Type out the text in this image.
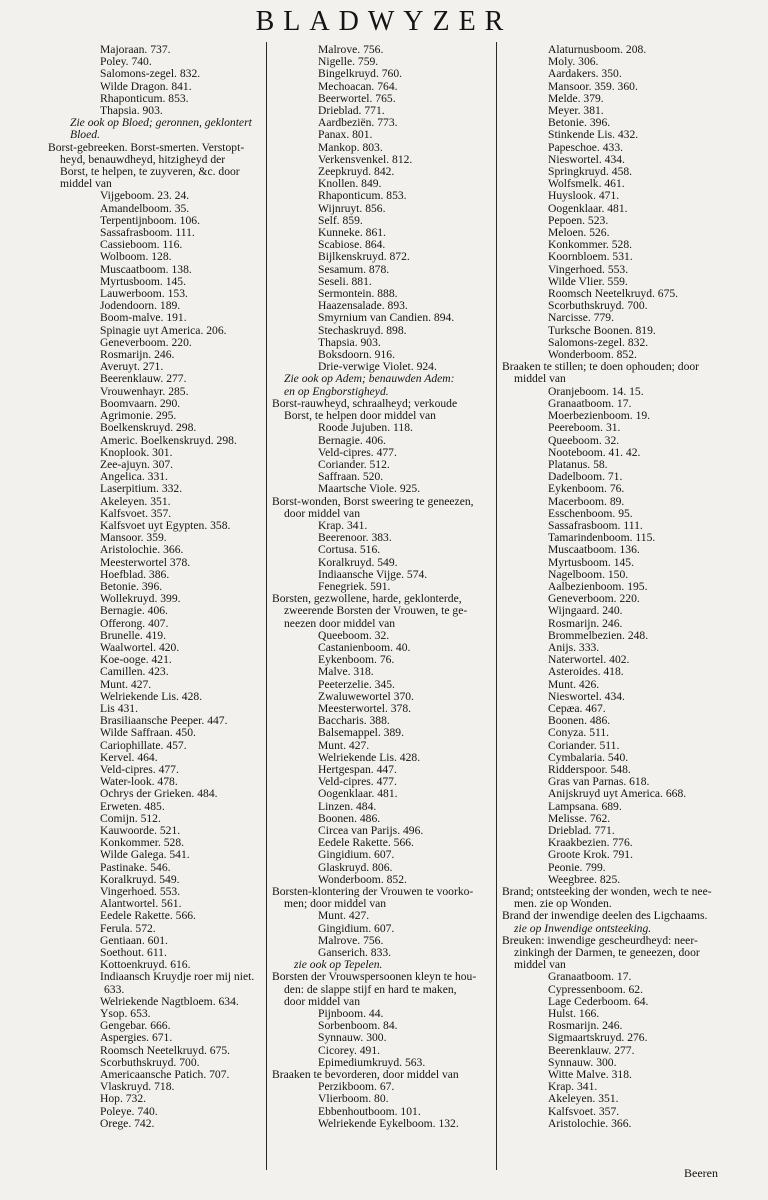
BLADWYZER
Majoraan. 737.
Poley. 740.
Salomons-zegel. 832.
Wilde Dragon. 841.
Rhaponticum. 853.
Thapsia. 903.
Zie ook op Bloed; geronnen, geklontert
Bloed.
Borst-gebreeken. Borst-smerten. Verstopt-
heyd, benauwdheyd, hitzigheyd der
Borst, te helpen, te zuyveren, &c. door
middel van
Vijgeboom. 23. 24.
Amandelboom. 35.
Terpentijnboom. 106.
Sassafrasboom. 111.
Cassieboom. 116.
Wolboom. 128.
Muscaatboom. 138.
Myrtusboom. 145.
Lauwerboom. 153.
Jodendoorn. 189.
Boom-malve. 191.
Spinagie uyt America. 206.
Geneverboom. 220.
Rosmarijn. 246.
Averuyt. 271.
Beerenklauw. 277.
Vrouwenhayr. 285.
Boomvaarn. 290.
Agrimonie. 295.
Boelkenskruyd. 298.
Americ. Boelkenskruyd. 298.
Knoplook. 301.
Zee-ajuyn. 307.
Angelica. 331.
Laserpitium. 332.
Akeleyen. 351.
Kalfsvoet. 357.
Kalfsvoet uyt Egypten. 358.
Mansoor. 359.
Aristolochie. 366.
Meesterwortel 378.
Hoefblad. 386.
Betonie. 396.
Wollekruyd. 399.
Bernagie. 406.
Offerong. 407.
Brunelle. 419.
Waalwortel. 420.
Koe-ooge. 421.
Camillen. 423.
Munt. 427.
Welriekende Lis. 428.
Lis 431.
Brasiliaansche Peeper. 447.
Wilde Saffraan. 450.
Cariophillate. 457.
Kervel. 464.
Veld-cipres. 477.
Water-look. 478.
Ochrys der Grieken. 484.
Erweten. 485.
Comijn. 512.
Kauwoorde. 521.
Konkommer. 528.
Wilde Galega. 541.
Pastinake. 546.
Koralkruyd. 549.
Vingerhoed. 553.
Alantwortel. 561.
Eedele Rakette. 566.
Ferula. 572.
Gentiaan. 601.
Soethout. 611.
Kottoenkruyd. 616.
Indiaansch Kruydje roer mij niet.
633.
Welriekende Nagtbloem. 634.
Ysop. 653.
Gengebar. 666.
Aspergies. 671.
Roomsch Neetelkruyd. 675.
Scorbuthskruyd. 700.
Americaansche Patich. 707.
Vlaskruyd. 718.
Hop. 732.
Poleye. 740.
Orege. 742.
Malrove. 756.
Nigelle. 759.
Bingelkruyd. 760.
Mechoacan. 764.
Beerwortel. 765.
Drieblad. 771.
Aardbeziën. 773.
Panax. 801.
Mankop. 803.
Verkensvenkel. 812.
Zeepkruyd. 842.
Knollen. 849.
Rhaponticum. 853.
Wijnruyt. 856.
Self. 859.
Kunneke. 861.
Scabiose. 864.
Bijlkenskruyd. 872.
Sesamum. 878.
Seseli. 881.
Sermontein. 888.
Haazensalade. 893.
Smyrnium van Candien. 894.
Stechaskruyd. 898.
Thapsia. 903.
Boksdoorn. 916.
Drie-verwige Violet. 924.
Zie ook op Adem; benauwden Adem:
en op Engborstigheyd.
Borst-rauwheyd, schraalheyd; verkoude
Borst, te helpen door middel van
Roode Jujuben. 118.
Bernagie. 406.
Veld-cipres. 477.
Coriander. 512.
Saffraan. 520.
Maartsche Viole. 925.
Borst-wonden, Borst sweering te geneezen,
door middel van
Krap. 341.
Beerenoor. 383.
Cortusa. 516.
Koralkruyd. 549.
Indiaansche Vijge. 574.
Fenegriek. 591.
Borsten, gezwollene, harde, geklonterde,
zweerende Borsten der Vrouwen, te ge-
neezen door middel van
Queeboom. 32.
Castanienboom. 40.
Eykenboom. 76.
Malve. 318.
Peeterzelie. 345.
Zwaluwewortel 370.
Meesterwortel. 378.
Baccharis. 388.
Balsemappel. 389.
Munt. 427.
Welriekende Lis. 428.
Hertgespan. 447.
Veld-cipres. 477.
Oogenklaar. 481.
Linzen. 484.
Boonen. 486.
Circea van Parijs. 496.
Eedele Rakette. 566.
Gingidium. 607.
Glaskruyd. 806.
Wonderboom. 852.
Borsten-klontering der Vrouwen te voorko-
men; door middel van
Munt. 427.
Gingidium. 607.
Malrove. 756.
Ganserich. 833.
zie ook op Tepelen.
Borsten der Vrouwspersoonen kleyn te hou-
den: de slappe stijf en hard te maken,
door middel van
Pijnboom. 44.
Sorbenboom. 84.
Synnauw. 300.
Cicorey. 491.
Epimediumkruyd. 563.
Braaken te bevorderen, door middel van
Perzikboom. 67.
Vlierboom. 80.
Ebbenhoutboom. 101.
Welriekende Eykelboom. 132.
Alaturnusboom. 208.
Moly. 306.
Aardakers. 350.
Mansoor. 359. 360.
Melde. 379.
Meyer. 381.
Betonie. 396.
Stinkende Lis. 432.
Papeschoe. 433.
Nieswortel. 434.
Springkruyd. 458.
Wolfsmelk. 461.
Huyslook. 471.
Oogenklaar. 481.
Pepoen. 523.
Meloen. 526.
Konkommer. 528.
Koornbloem. 531.
Vingerhoed. 553.
Wilde Vlier. 559.
Roomsch Neetelkruyd. 675.
Scorbuthskruyd. 700.
Narcisse. 779.
Turksche Boonen. 819.
Salomons-zegel. 832.
Wonderboom. 852.
Braaken te stillen; te doen ophouden; door
middel van
Oranjeboom. 14. 15.
Granaatboom. 17.
Moerbezienboom. 19.
Peereboom. 31.
Queeboom. 32.
Nooteboom. 41. 42.
Platanus. 58.
Dadelboom. 71.
Eykenboom. 76.
Macerboom. 89.
Esschenboom. 95.
Sassafrasboom. 111.
Tamarindenboom. 115.
Muscaatboom. 136.
Myrtusboom. 145.
Nagelboom. 150.
Aalbezienboom. 195.
Geneverboom. 220.
Wijngaard. 240.
Rosmarijn. 246.
Brommelbezien. 248.
Anijs. 333.
Naterwortel. 402.
Asteroides. 418.
Munt. 426.
Nieswortel. 434.
Cepæa. 467.
Boonen. 486.
Conyza. 511.
Coriander. 511.
Cymbalaria. 540.
Ridderspoor. 548.
Gras van Parnas. 618.
Anijskruyd uyt America. 668.
Lampsana. 689.
Melisse. 762.
Drieblad. 771.
Kraakbezien. 776.
Groote Krok. 791.
Peonie. 799.
Weegbree. 825.
Brand; ontsteeking der wonden, wech te nee-
men. zie op Wonden.
Brand der inwendige deelen des Ligchaams.
zie op Inwendige ontsteeking.
Breuken: inwendige gescheurdheyd: neer-
zinkingh der Darmen, te geneezen, door
middel van
Granaatboom. 17.
Cypressenboom. 62.
Lage Cederboom. 64.
Hulst. 166.
Rosmarijn. 246.
Sigmaartskruyd. 276.
Beerenklauw. 277.
Synnauw. 300.
Witte Malve. 318.
Krap. 341.
Akeleyen. 351.
Kalfsvoet. 357.
Aristolochie. 366.
Beeren
